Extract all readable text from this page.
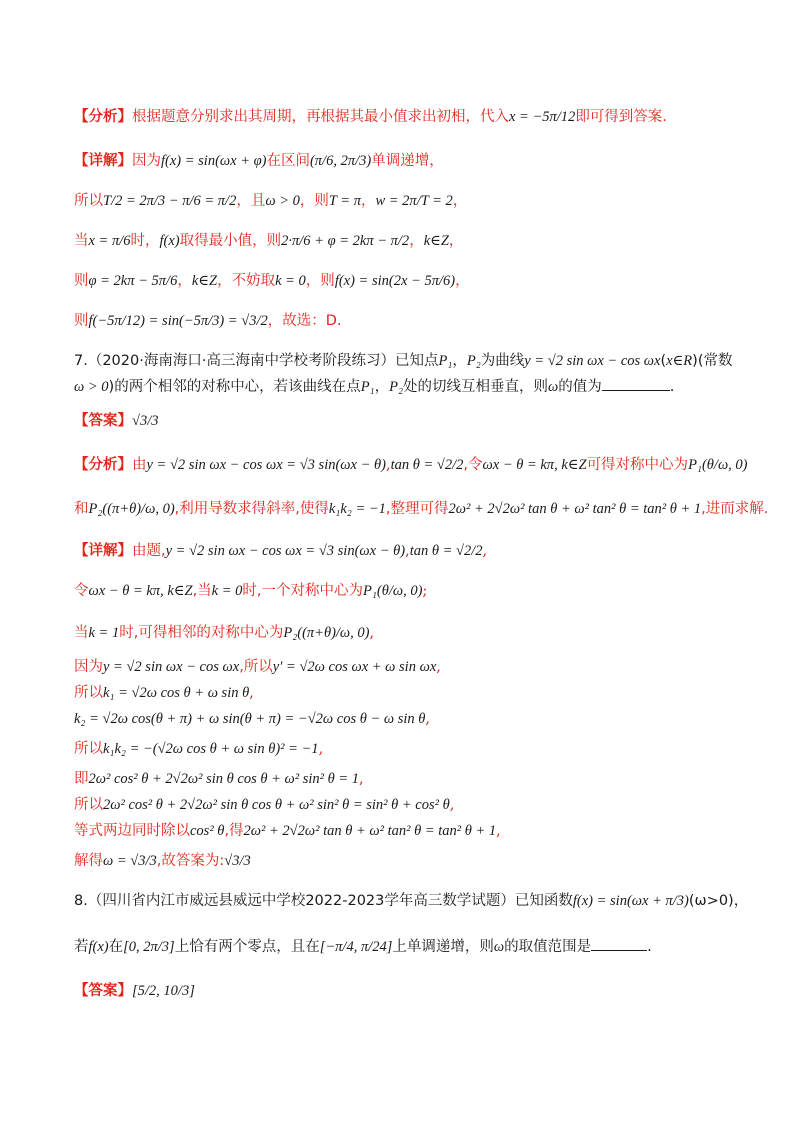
【分析】根据题意分别求出其周期，再根据其最小值求出初相，代入x = −5π/12即可得到答案.
【详解】因为f(x) = sin(ωx + φ)在区间(π/6, 2π/3)单调递增，
所以T/2 = 2π/3 − π/6 = π/2，且ω > 0，则T = π，w = 2π/T = 2，
当x = π/6时，f(x)取得最小值，则2·π/6 + φ = 2kπ − π/2，k∈Z，
则φ = 2kπ − 5π/6，k∈Z，不妨取k = 0，则f(x) = sin(2x − 5π/6)，
则f(−5π/12) = sin(−5π/3) = √3/2，故选：D.
7.（2020·海南海口·高三海南中学校考阶段练习）已知点P₁，P₂为曲线y = √2 sin ωx − cos ωx(x∈R)(常数
ω > 0)的两个相邻的对称中心，若该曲线在点P₁，P₂处的切线互相垂直，则ω的值为	.
【答案】√3/3
【分析】由y = √2 sin ωx − cos ωx = √3 sin(ωx − θ),tan θ = √2/2,令ωx − θ = kπ, k∈Z可得对称中心为P₁(θ/ω, 0)
和P₂((π+θ)/ω, 0),利用导数求得斜率,使得k₁k₂ = −1,整理可得2ω² + 2√2ω² tan θ + ω² tan² θ = tan² θ + 1,进而求解.
【详解】由题,y = √2 sin ωx − cos ωx = √3 sin(ωx − θ),tan θ = √2/2,
令ωx − θ = kπ, k∈Z,当k = 0时,一个对称中心为P₁(θ/ω, 0);
当k = 1时,可得相邻的对称中心为P₂((π+θ)/ω, 0),
因为y = √2 sin ωx − cos ωx,所以y′ = √2ω cos ωx + ω sin ωx,
所以k₁ = √2ω cos θ + ω sin θ,
k₂ = √2ω cos(θ + π) + ω sin(θ + π) = −√2ω cos θ − ω sin θ,
所以k₁k₂ = −(√2ω cos θ + ω sin θ)² = −1,
即2ω² cos² θ + 2√2ω² sin θ cos θ + ω² sin² θ = 1,
所以2ω² cos² θ + 2√2ω² sin θ cos θ + ω² sin² θ = sin² θ + cos² θ,
等式两边同时除以cos² θ,得2ω² + 2√2ω² tan θ + ω² tan² θ = tan² θ + 1,
解得ω = √3/3,故答案为:√3/3
8.（四川省内江市威远县威远中学校2022-2023学年高三数学试题）已知函数f(x) = sin(ωx + π/3)(ω>0)，
若f(x)在[0, 2π/3]上恰有两个零点，且在[−π/4, π/24]上单调递增，则ω的取值范围是	.
【答案】[5/2, 10/3]
